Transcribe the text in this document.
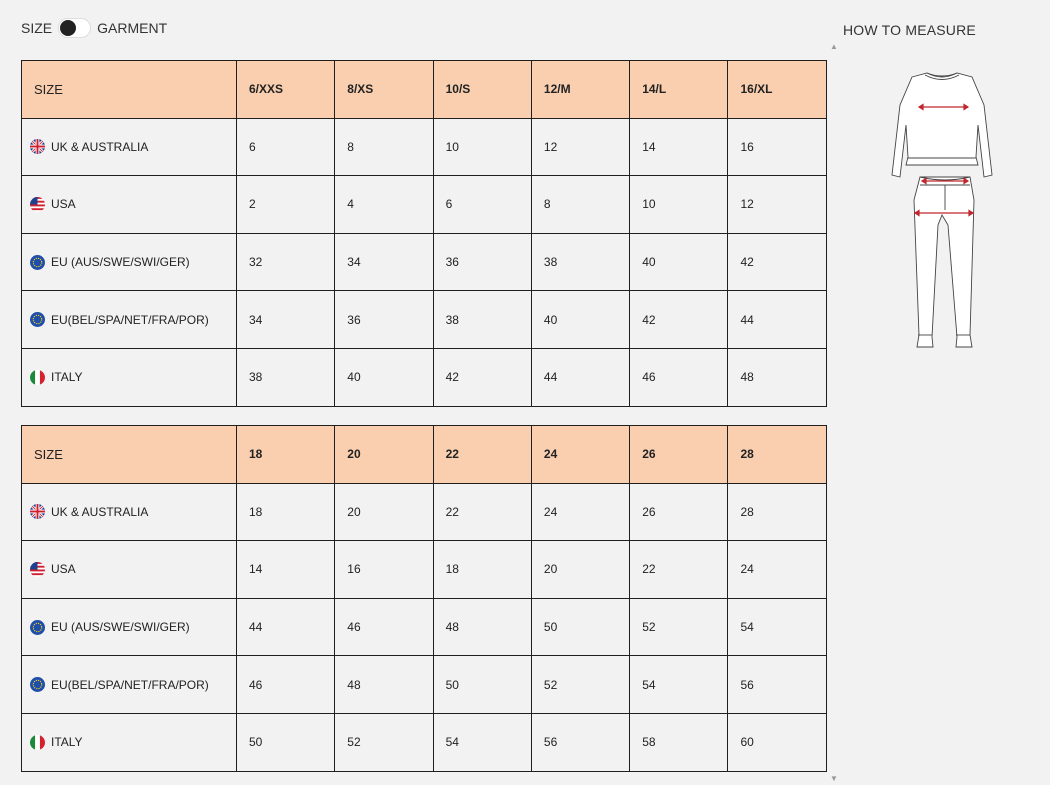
SIZE	GARMENT	HOW TO MEASURE
▲
▼
SIZE	6/XXS	8/XS	10/S	12/M	14/L	16/XL

UK & AUSTRALIA	6	8	10	12	14	16

USA	2	4	6	8	10	12

EU (AUS/SWE/SWI/GER)	32	34	36	38	40	42

EU(BEL/SPA/NET/FRA/POR)	34	36	38	40	42	44

ITALY	38	40	42	44	46	48
SIZE	18	20	22	24	26	28

UK & AUSTRALIA	18	20	22	24	26	28

USA	14	16	18	20	22	24

EU (AUS/SWE/SWI/GER)	44	46	48	50	52	54

EU(BEL/SPA/NET/FRA/POR)	46	48	50	52	54	56

ITALY	50	52	54	56	58	60
